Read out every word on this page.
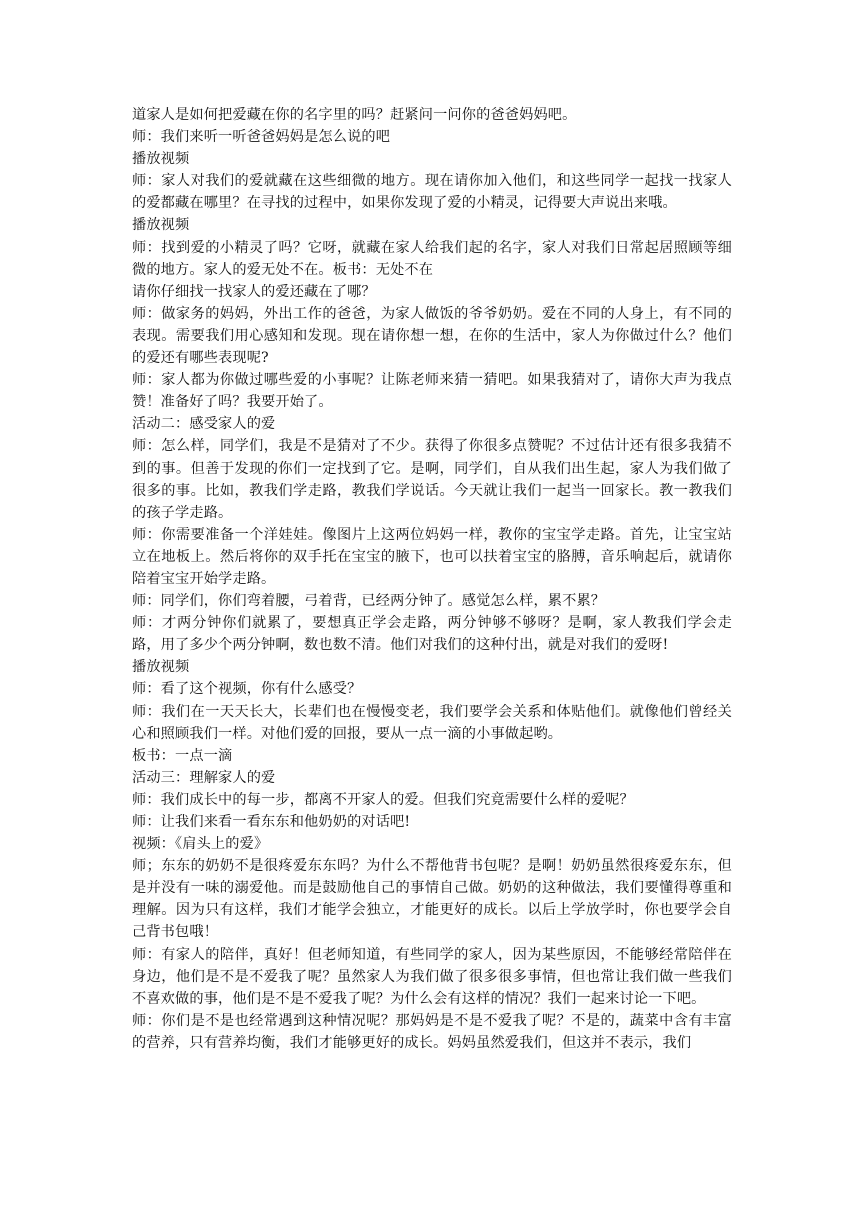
道家人是如何把爱藏在你的名字里的吗？赶紧问一问你的爸爸妈妈吧。

师：我们来听一听爸爸妈妈是怎么说的吧

播放视频

师：家人对我们的爱就藏在这些细微的地方。现在请你加入他们，和这些同学一起找一找家人的爱都藏在哪里？在寻找的过程中，如果你发现了爱的小精灵，记得要大声说出来哦。

播放视频

师：找到爱的小精灵了吗？它呀，就藏在家人给我们起的名字，家人对我们日常起居照顾等细微的地方。家人的爱无处不在。板书：无处不在

请你仔细找一找家人的爱还藏在了哪？

师：做家务的妈妈，外出工作的爸爸，为家人做饭的爷爷奶奶。爱在不同的人身上，有不同的表现。需要我们用心感知和发现。现在请你想一想，在你的生活中，家人为你做过什么？他们的爱还有哪些表现呢?

师：家人都为你做过哪些爱的小事呢？让陈老师来猜一猜吧。如果我猜对了，请你大声为我点赞！准备好了吗？我要开始了。

活动二：感受家人的爱

师：怎么样，同学们，我是不是猜对了不少。获得了你很多点赞呢？不过估计还有很多我猜不到的事。但善于发现的你们一定找到了它。是啊，同学们，自从我们出生起，家人为我们做了很多的事。比如，教我们学走路，教我们学说话。今天就让我们一起当一回家长。教一教我们的孩子学走路。

师：你需要准备一个洋娃娃。像图片上这两位妈妈一样，教你的宝宝学走路。首先，让宝宝站立在地板上。然后将你的双手托在宝宝的腋下，也可以扶着宝宝的胳膊，音乐响起后，就请你陪着宝宝开始学走路。

师：同学们，你们弯着腰，弓着背，已经两分钟了。感觉怎么样，累不累？

师：才两分钟你们就累了，要想真正学会走路，两分钟够不够呀？是啊，家人教我们学会走路，用了多少个两分钟啊，数也数不清。他们对我们的这种付出，就是对我们的爱呀!

播放视频

师：看了这个视频，你有什么感受？

师：我们在一天天长大，长辈们也在慢慢变老，我们要学会关系和体贴他们。就像他们曾经关心和照顾我们一样。对他们爱的回报，要从一点一滴的小事做起哟。

板书：一点一滴

活动三：理解家人的爱

师：我们成长中的每一步，都离不开家人的爱。但我们究竟需要什么样的爱呢？

师：让我们来看一看东东和他奶奶的对话吧!

视频：《肩头上的爱》

师；东东的奶奶不是很疼爱东东吗？为什么不帮他背书包呢？是啊！奶奶虽然很疼爱东东，但是并没有一味的溺爱他。而是鼓励他自己的事情自己做。奶奶的这种做法，我们要懂得尊重和理解。因为只有这样，我们才能学会独立，才能更好的成长。以后上学放学时，你也要学会自己背书包哦！

师：有家人的陪伴，真好！但老师知道，有些同学的家人，因为某些原因，不能够经常陪伴在身边，他们是不是不爱我了呢？虽然家人为我们做了很多很多事情，但也常让我们做一些我们不喜欢做的事，他们是不是不爱我了呢？为什么会有这样的情况？我们一起来讨论一下吧。

师：你们是不是也经常遇到这种情况呢？那妈妈是不是不爱我了呢？不是的，蔬菜中含有丰富的营养，只有营养均衡，我们才能够更好的成长。妈妈虽然爱我们，但这并不表示，我们
